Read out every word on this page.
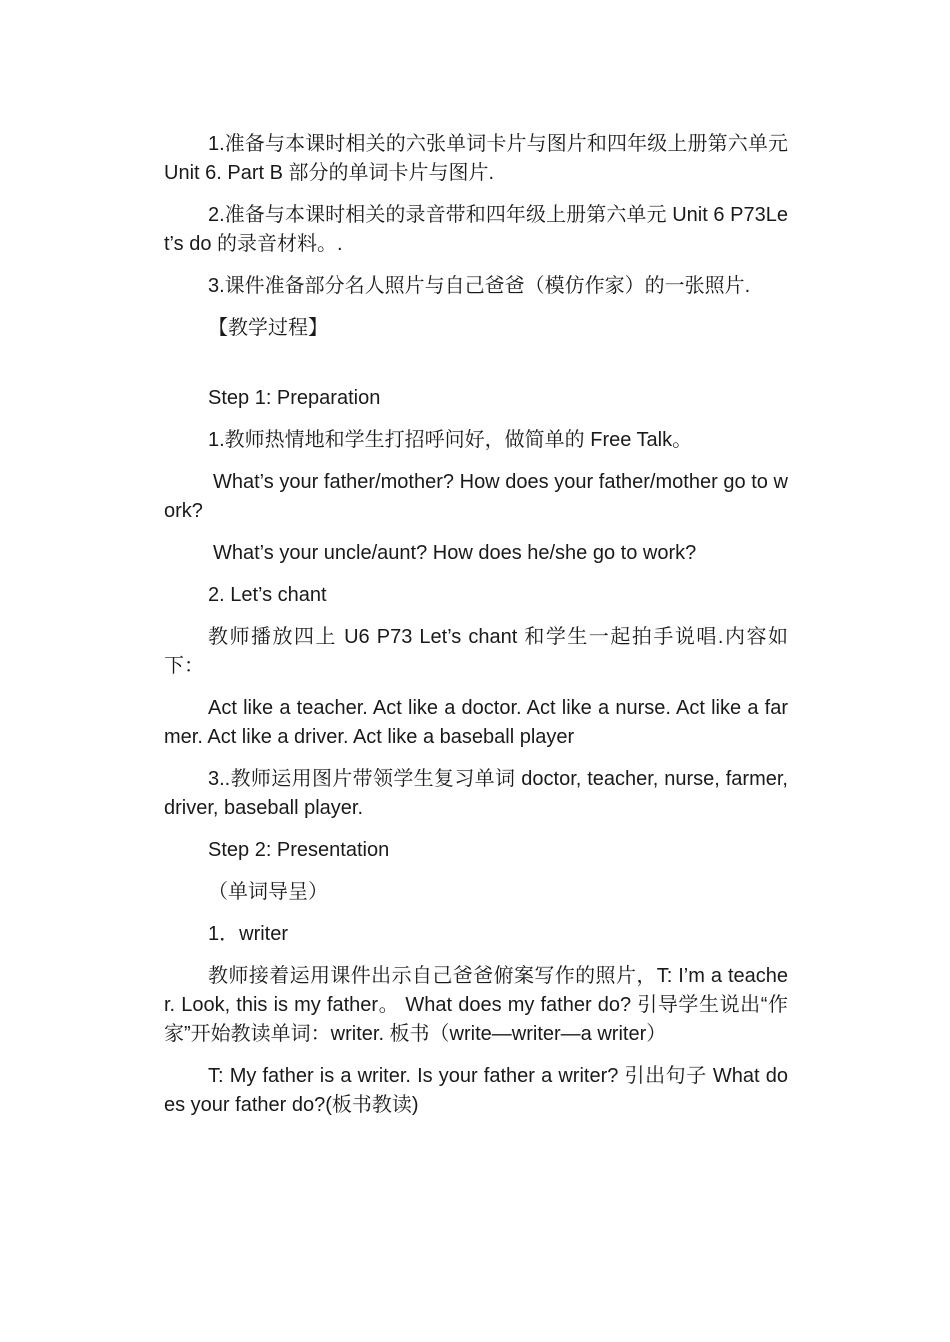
1.准备与本课时相关的六张单词卡片与图片和四年级上册第六单元 Unit 6. Part B 部分的单词卡片与图片.

2.准备与本课时相关的录音带和四年级上册第六单元 Unit 6 P73Let’s do 的录音材料。.

3.课件准备部分名人照片与自己爸爸（模仿作家）的一张照片.

【教学过程】

Step 1: Preparation

1.教师热情地和学生打招呼问好，做简单的 Free Talk。

What’s your father/mother? How does your father/mother go to work?

What’s your uncle/aunt? How does he/she go to work?

2. Let’s chant

教师播放四上 U6 P73 Let’s chant 和学生一起拍手说唱.内容如下：

Act like a teacher. Act like a doctor. Act like a nurse. Act like a farmer. Act like a driver. Act like a baseball player

3..教师运用图片带领学生复习单词 doctor, teacher, nurse, farmer, driver, baseball player.

Step 2: Presentation

（单词导呈）

1．writer

教师接着运用课件出示自己爸爸俯案写作的照片，T: I’m a teacher. Look, this is my father。 What does my father do? 引导学生说出“作家”开始教读单词：writer. 板书（write—writer—a writer）

T: My father is a writer. Is your father a writer? 引出句子 What does your father do?(板书教读)
